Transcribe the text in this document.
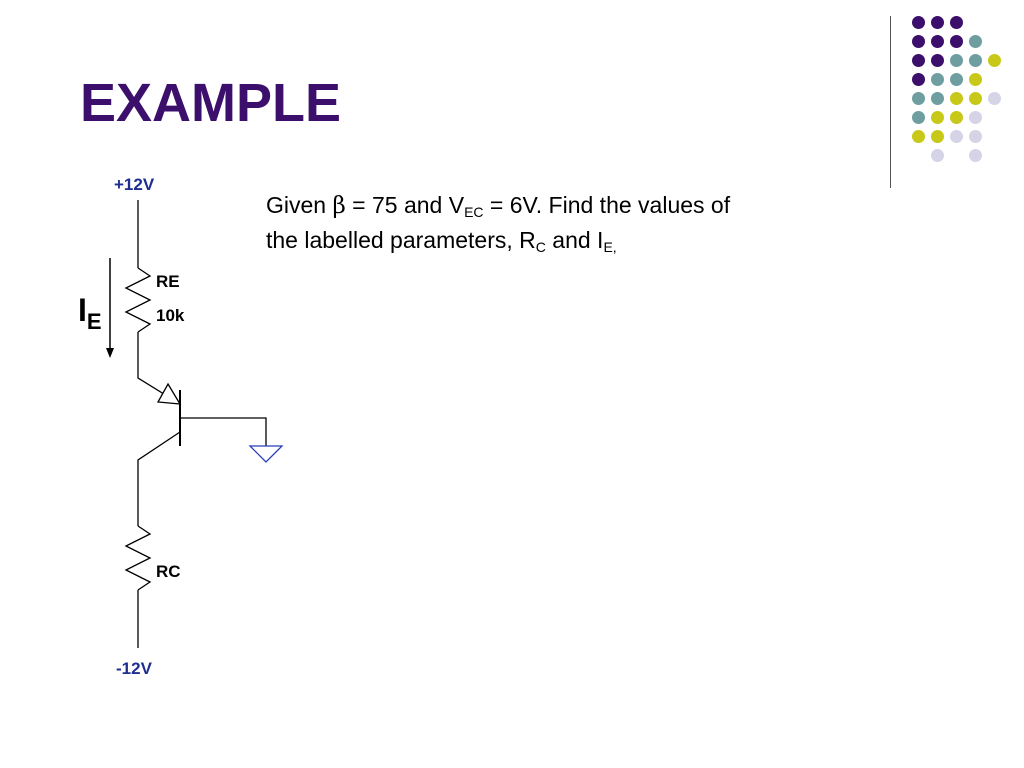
EXAMPLE
+12V
-12V
RE
10k
RC
$I_E$
Given β = 75 and $V_{EC} = 6V$. Find the values of the labelled parameters, $R_C$ and $I_{E,}$
